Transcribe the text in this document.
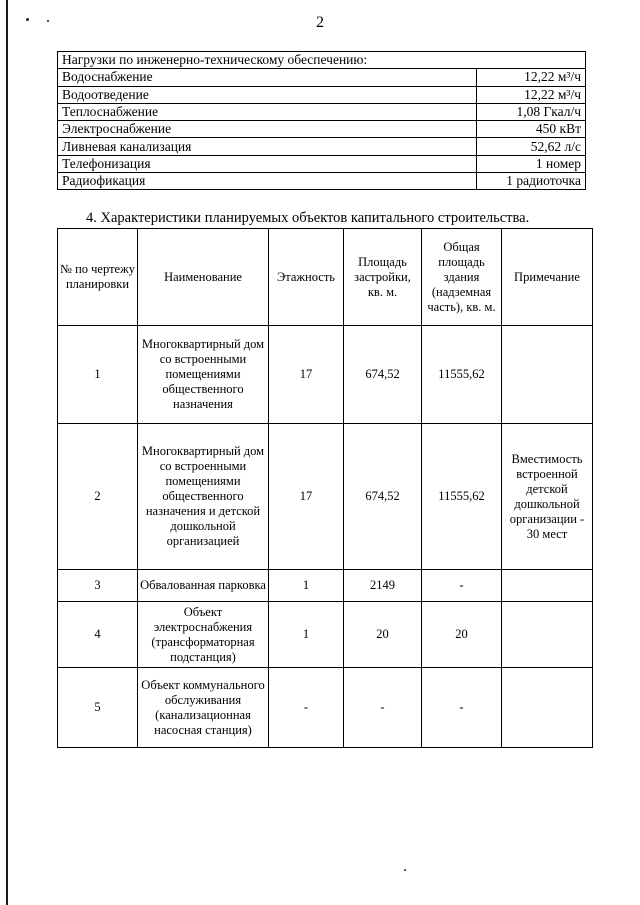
2
Нагрузки по инженерно-техническому обеспечению:	
Водоснабжение	12,22 м³/ч
Водоотведение	12,22 м³/ч
Теплоснабжение	1,08 Гкал/ч
Электроснабжение	450 кВт
Ливневая канализация	52,62 л/с
Телефонизация	1 номер
Радиофикация	1 радиоточка
4. Характеристики планируемых объектов капитального строительства.
№ по чертежу планировки	Наименование	Этажность	Площадь застройки, кв. м.	Общая площадь здания (надземная часть), кв. м.	Примечание
1	Многоквартирный дом со встроенными помещениями общественного назначения	17	674,52	11555,62	
2	Многоквартирный дом со встроенными помещениями общественного назначения и детской дошкольной организацией	17	674,52	11555,62	Вместимость встроенной детской дошкольной организации - 30 мест
3	Обвалованная парковка	1	2149	-	
4	Объект электроснабжения (трансформаторная подстанция)	1	20	20	
5	Объект коммунального обслуживания (канализационная насосная станция)	-	-	-	
